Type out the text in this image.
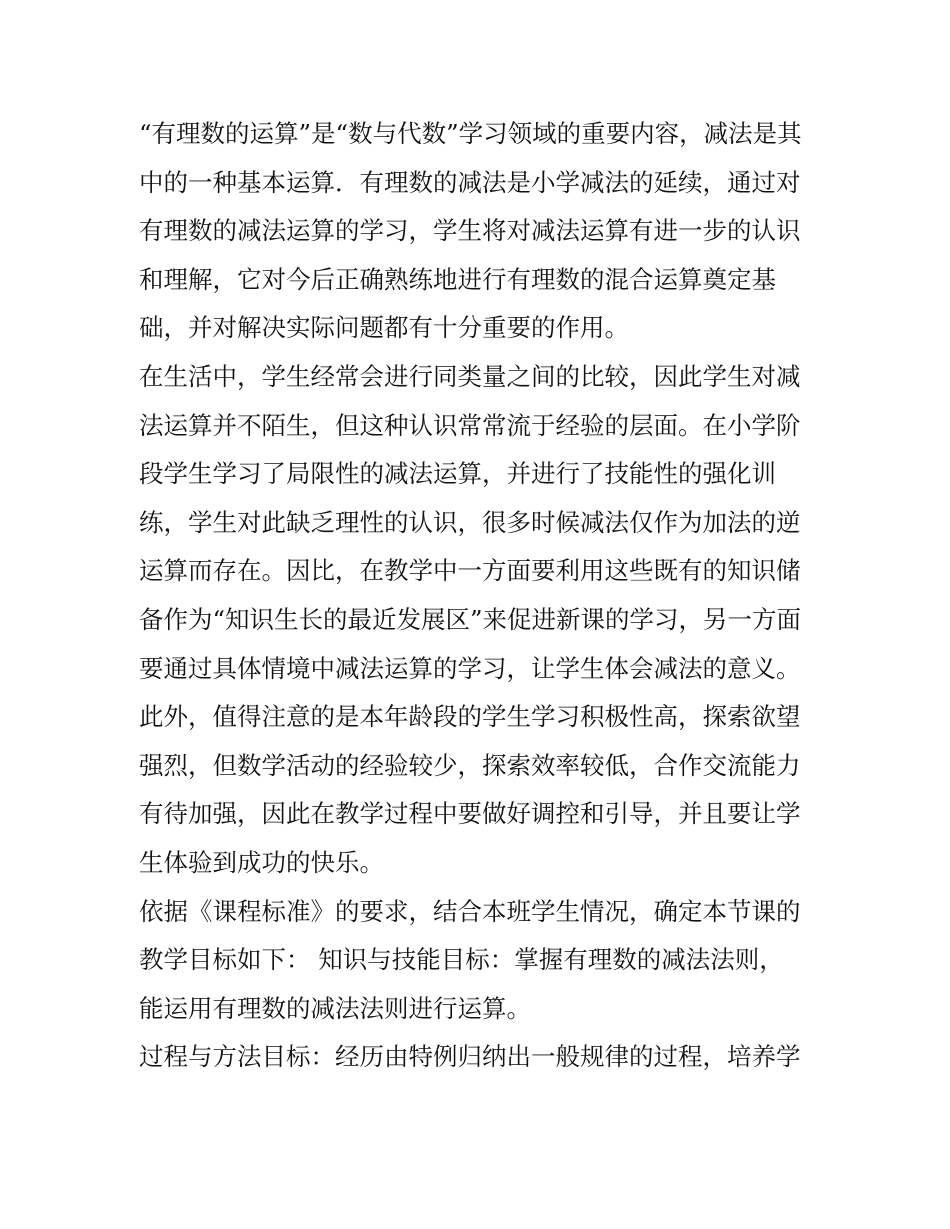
“有理数的运算”是“数与代数”学习领域的重要内容，减法是其
中的一种基本运算．有理数的减法是小学减法的延续，通过对
有理数的减法运算的学习，学生将对减法运算有进一步的认识
和理解，它对今后正确熟练地进行有理数的混合运算奠定基
础，并对解决实际问题都有十分重要的作用。
在生活中，学生经常会进行同类量之间的比较，因此学生对减
法运算并不陌生，但这种认识常常流于经验的层面。在小学阶
段学生学习了局限性的减法运算，并进行了技能性的强化训
练，学生对此缺乏理性的认识，很多时候减法仅作为加法的逆
运算而存在。因比，在教学中一方面要利用这些既有的知识储
备作为“知识生长的最近发展区”来促进新课的学习，另一方面
要通过具体情境中减法运算的学习，让学生体会减法的意义。
此外，值得注意的是本年龄段的学生学习积极性高，探索欲望
强烈，但数学活动的经验较少，探索效率较低，合作交流能力
有待加强，因此在教学过程中要做好调控和引导，并且要让学
生体验到成功的快乐。
依据《课程标准》的要求，结合本班学生情况，确定本节课的
教学目标如下： 知识与技能目标：掌握有理数的减法法则，
能运用有理数的减法法则进行运算。
过程与方法目标：经历由特例归纳出一般规律的过程，培养学
